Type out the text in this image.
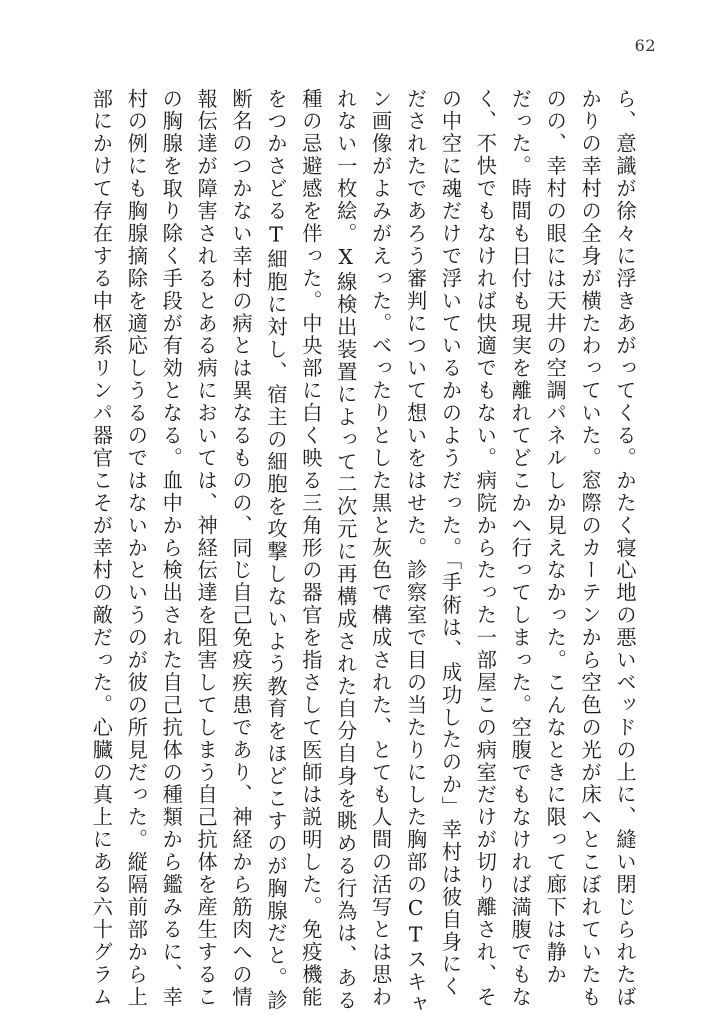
62
ら、意識が徐々に浮きあがってくる。かたく寝心地の悪いベッドの上に、縫い閉じられたば
かりの幸村の全身が横たわっていた。窓際のカーテンから空色の光が床へとこぼれていたも
のの、幸村の眼には天井の空調パネルしか見えなかった。こんなときに限って廊下は静か
だった。時間も日付も現実を離れてどこかへ行ってしまった。空腹でもなければ満腹でもな
く、不快でもなければ快適でもない。病院からたった一部屋この病室だけが切り離され、そ
の中空に魂だけで浮いているかのようだった。「手術は、成功したのか」幸村は彼自身にく
だされたであろう審判について想いをはせた。診察室で目の当たりにした胸部のCTスキャ
ン画像がよみがえった。べったりとした黒と灰色で構成された、とても人間の活写とは思わ
れない一枚絵。X線検出装置によって二次元に再構成された自分自身を眺める行為は、ある
種の忌避感を伴った。中央部に白く映る三角形の器官を指さして医師は説明した。免疫機能
をつかさどるT細胞に対し、宿主の細胞を攻撃しないよう教育をほどこすのが胸腺だと。診
断名のつかない幸村の病とは異なるものの、同じ自己免疫疾患であり、神経から筋肉への情
報伝達が障害されるとある病においては、神経伝達を阻害してしまう自己抗体を産生するこ
の胸腺を取り除く手段が有効となる。血中から検出された自己抗体の種類から鑑みるに、幸
村の例にも胸腺摘除を適応しうるのではないかというのが彼の所見だった。縦隔前部から上
部にかけて存在する中枢系リンパ器官こそが幸村の敵だった。心臓の真上にある六十グラム
